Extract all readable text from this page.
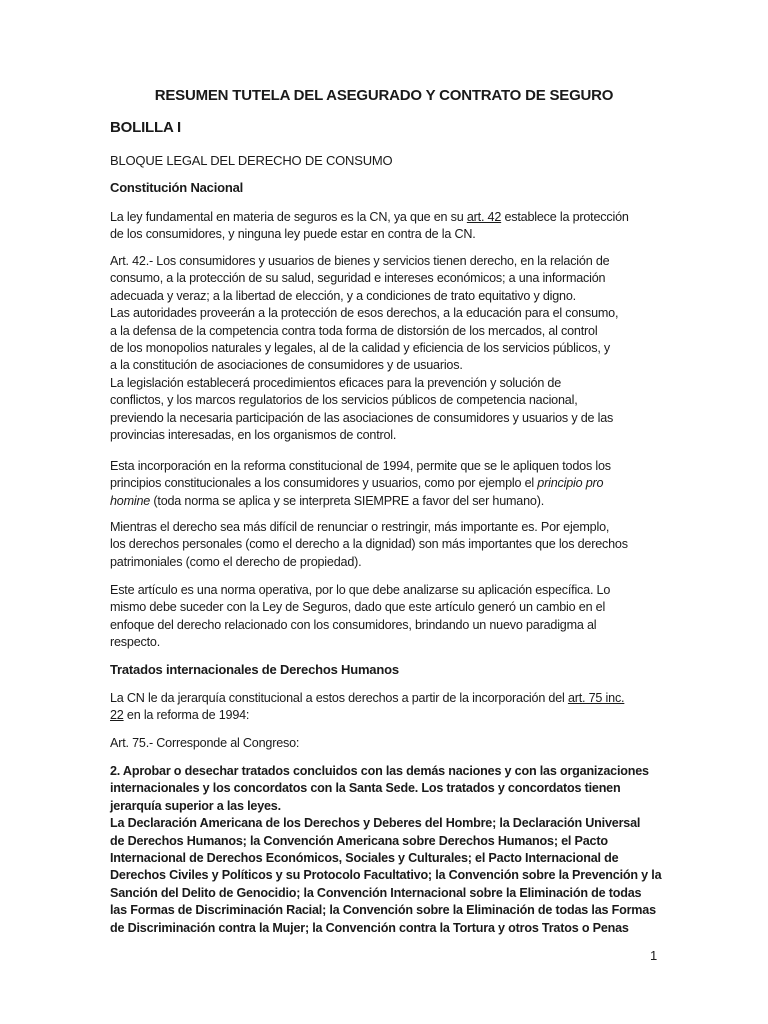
RESUMEN TUTELA DEL ASEGURADO Y CONTRATO DE SEGURO
BOLILLA I

BLOQUE LEGAL DEL DERECHO DE CONSUMO

Constitución Nacional

La ley fundamental en materia de seguros es la CN, ya que en su art. 42 establece la protección
de los consumidores, y ninguna ley puede estar en contra de la CN.

Art. 42.- Los consumidores y usuarios de bienes y servicios tienen derecho, en la relación de
consumo, a la protección de su salud, seguridad e intereses económicos; a una información
adecuada y veraz; a la libertad de elección, y a condiciones de trato equitativo y digno.
Las autoridades proveerán a la protección de esos derechos, a la educación para el consumo,
a la defensa de la competencia contra toda forma de distorsión de los mercados, al control
de los monopolios naturales y legales, al de la calidad y eficiencia de los servicios públicos, y
a la constitución de asociaciones de consumidores y de usuarios.
La legislación establecerá procedimientos eficaces para la prevención y solución de
conflictos, y los marcos regulatorios de los servicios públicos de competencia nacional,
previendo la necesaria participación de las asociaciones de consumidores y usuarios y de las
provincias interesadas, en los organismos de control.

Esta incorporación en la reforma constitucional de 1994, permite que se le apliquen todos los
principios constitucionales a los consumidores y usuarios, como por ejemplo el principio pro
homine (toda norma se aplica y se interpreta SIEMPRE a favor del ser humano).

Mientras el derecho sea más difícil de renunciar o restringir, más importante es. Por ejemplo,
los derechos personales (como el derecho a la dignidad) son más importantes que los derechos
patrimoniales (como el derecho de propiedad).

Este artículo es una norma operativa, por lo que debe analizarse su aplicación específica. Lo
mismo debe suceder con la Ley de Seguros, dado que este artículo generó un cambio en el
enfoque del derecho relacionado con los consumidores, brindando un nuevo paradigma al
respecto.

Tratados internacionales de Derechos Humanos

La CN le da jerarquía constitucional a estos derechos a partir de la incorporación del art. 75 inc.
22 en la reforma de 1994:

Art. 75.- Corresponde al Congreso:

2. Aprobar o desechar tratados concluidos con las demás naciones y con las organizaciones
internacionales y los concordatos con la Santa Sede. Los tratados y concordatos tienen
jerarquía superior a las leyes.
La Declaración Americana de los Derechos y Deberes del Hombre; la Declaración Universal
de Derechos Humanos; la Convención Americana sobre Derechos Humanos; el Pacto
Internacional de Derechos Económicos, Sociales y Culturales; el Pacto Internacional de
Derechos Civiles y Políticos y su Protocolo Facultativo; la Convención sobre la Prevención y la
Sanción del Delito de Genocidio; la Convención Internacional sobre la Eliminación de todas
las Formas de Discriminación Racial; la Convención sobre la Eliminación de todas las Formas
de Discriminación contra la Mujer; la Convención contra la Tortura y otros Tratos o Penas

1
